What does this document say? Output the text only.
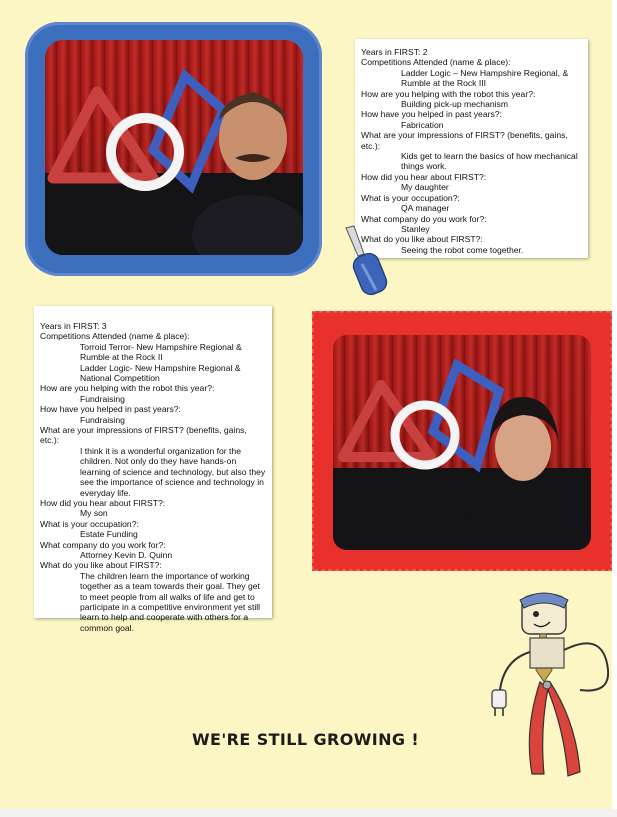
Years in FIRST: 2
Competitions Attended (name & place):
Ladder Logic – New Hampshire Regional, & Rumble at the Rock III
How are you helping with the robot this year?:
Building pick-up mechanism
How have you helped in past years?:
Fabrication
What are your impressions of FIRST? (benefits, gains, etc.):
Kids get to learn the basics of how mechanical things work.
How did you hear about FIRST?:
My daughter
What is your occupation?:
QA manager
What company do you work for?:
Stanley
What do you like about FIRST?:
Seeing the robot come together.
Years in FIRST: 3
Competitions Attended (name & place):
Torroid Terror- New Hampshire Regional & Rumble at the Rock II
Ladder Logic- New Hampshire Regional & National Competition
How are you helping with the robot this year?:
Fundraising
How have you helped in past years?:
Fundraising
What are your impressions of FIRST? (benefits, gains, etc.):
I think it is a wonderful organization for the children. Not only do they have hands-on learning of science and technology, but also they see the importance of science and technology in everyday life.
How did you hear about FIRST?:
My son
What is your occupation?:
Estate Funding
What company do you work for?:
Attorney Kevin D. Quinn
What do you like about FIRST?:
The children learn the importance of working together as a team towards their goal. They get to meet people from all walks of life and get to participate in a competitive environment yet still learn to help and cooperate with others for a common goal.
WE'RE STILL GROWING !
